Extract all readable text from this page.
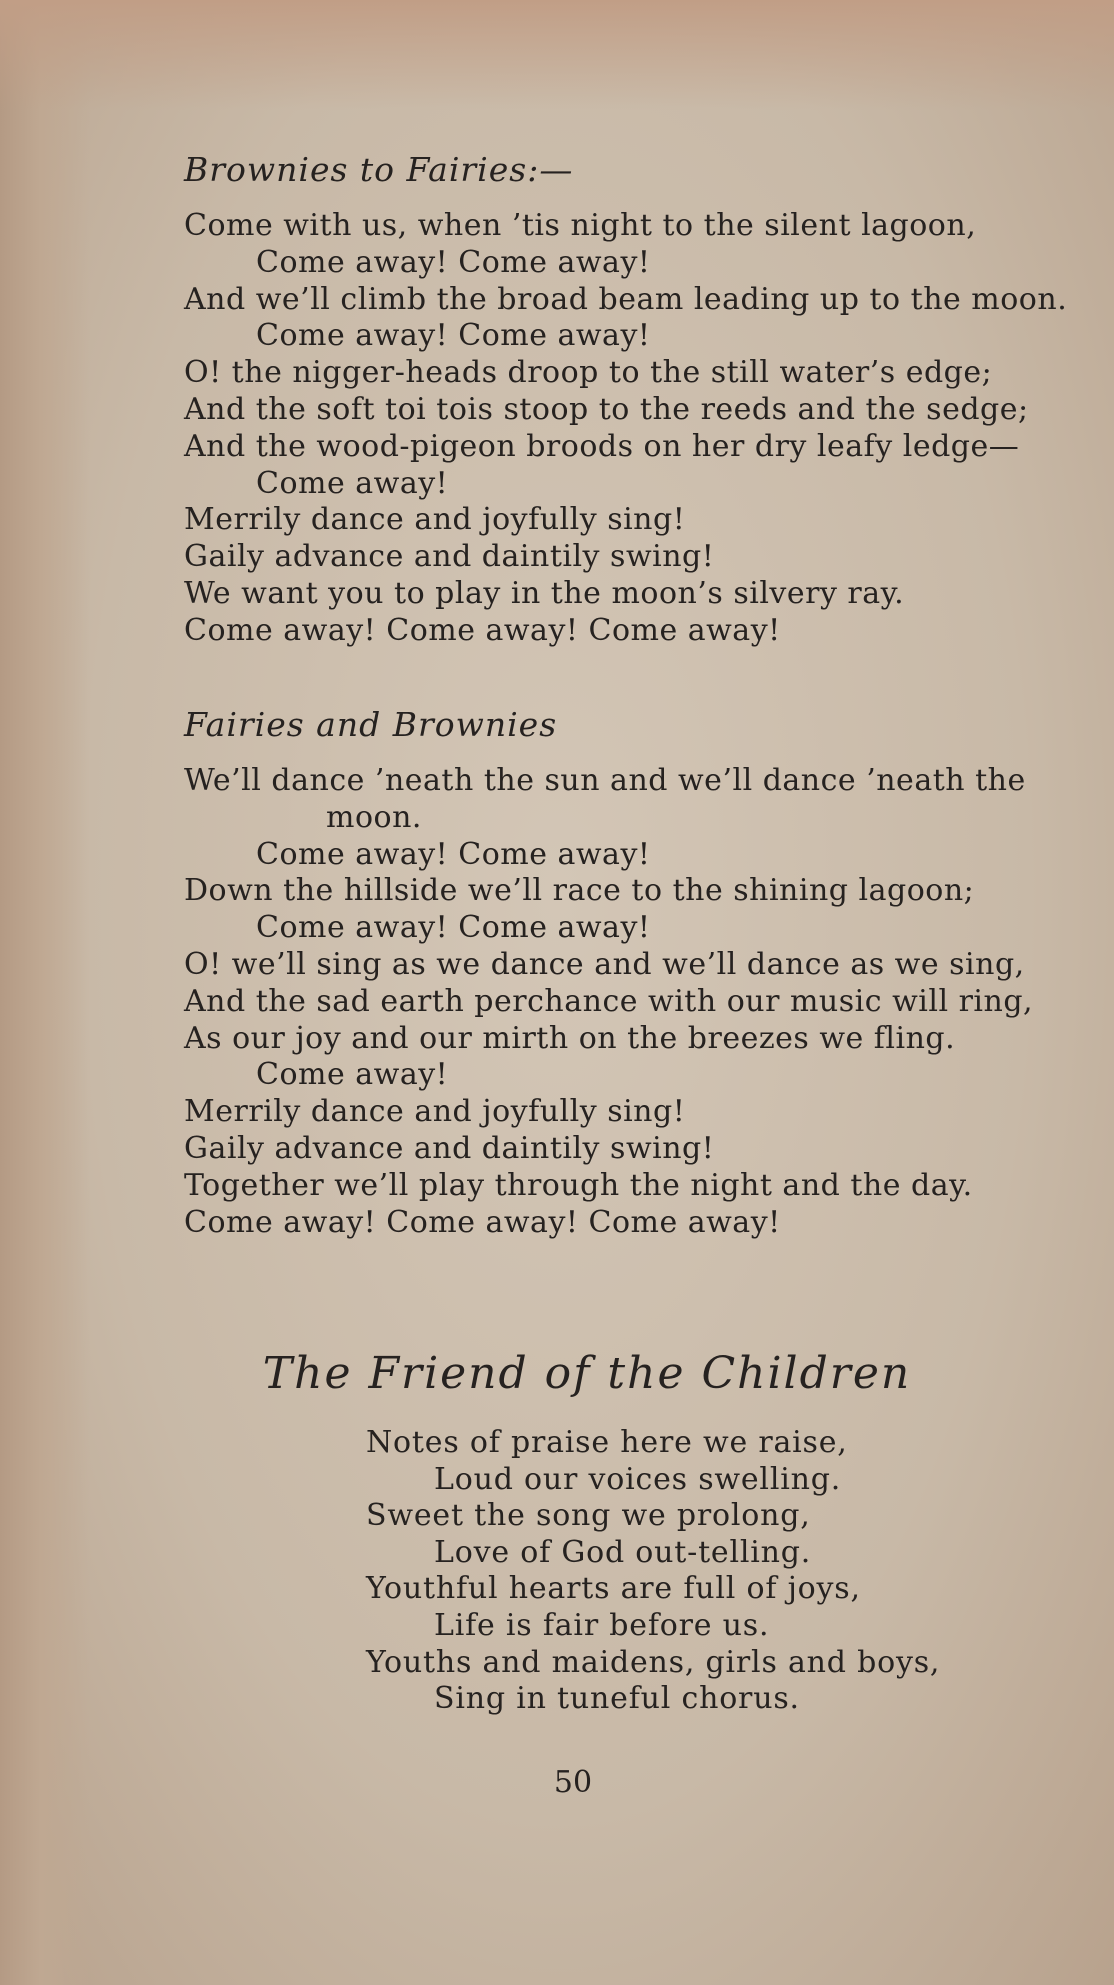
Brownies to Fairies:—
Come with us, when ’tis night to the silent lagoon,
Come away! Come away!
And we’ll climb the broad beam leading up to the moon.
Come away! Come away!
O! the nigger-heads droop to the still water’s edge;
And the soft toi tois stoop to the reeds and the sedge;
And the wood-pigeon broods on her dry leafy ledge—
Come away!
Merrily dance and joyfully sing!
Gaily advance and daintily swing!
We want you to play in the moon’s silvery ray.
Come away! Come away! Come away!
Fairies and Brownies
We’ll dance ’neath the sun and we’ll dance ’neath the
moon.
Come away! Come away!
Down the hillside we’ll race to the shining lagoon;
Come away! Come away!
O! we’ll sing as we dance and we’ll dance as we sing,
And the sad earth perchance with our music will ring,
As our joy and our mirth on the breezes we fling.
Come away!
Merrily dance and joyfully sing!
Gaily advance and daintily swing!
Together we’ll play through the night and the day.
Come away! Come away! Come away!
The Friend of the Children
Notes of praise here we raise,
Loud our voices swelling.
Sweet the song we prolong,
Love of God out-telling.
Youthful hearts are full of joys,
Life is fair before us.
Youths and maidens, girls and boys,
Sing in tuneful chorus.
50
